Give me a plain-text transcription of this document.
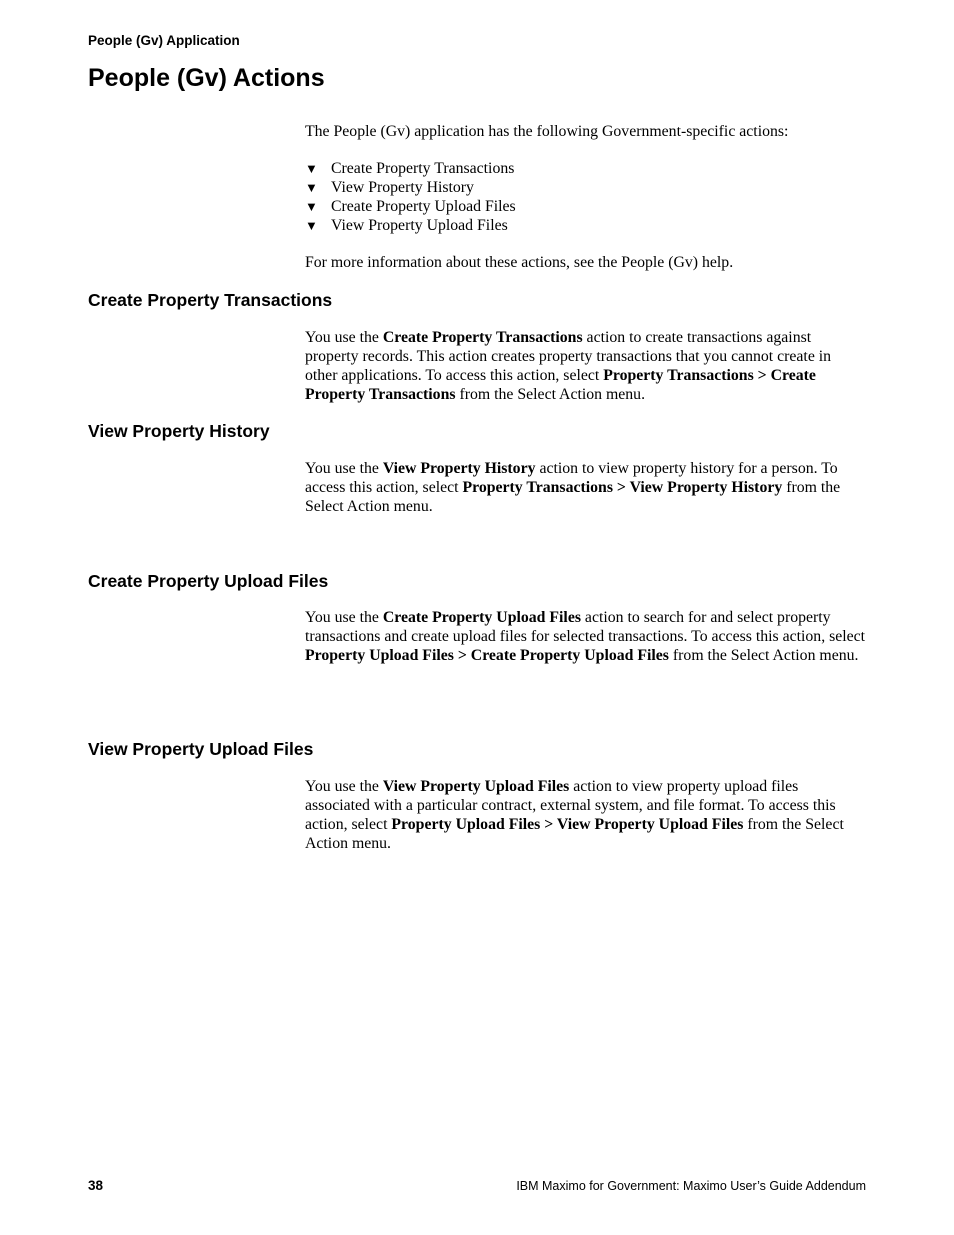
People (Gv) Application
People (Gv) Actions

The People (Gv) application has the following Government-specific actions:

▼ Create Property Transactions
▼ View Property History
▼ Create Property Upload Files
▼ View Property Upload Files

For more information about these actions, see the People (Gv) help.

Create Property Transactions

You use the Create Property Transactions action to create transactions against property records. This action creates property transactions that you cannot create in other applications. To access this action, select Property Transactions > Create Property Transactions from the Select Action menu.

View Property History

You use the View Property History action to view property history for a person. To access this action, select Property Transactions > View Property History from the Select Action menu.

Create Property Upload Files

You use the Create Property Upload Files action to search for and select property transactions and create upload files for selected transactions. To access this action, select Property Upload Files > Create Property Upload Files from the Select Action menu.

View Property Upload Files

You use the View Property Upload Files action to view property upload files associated with a particular contract, external system, and file format. To access this action, select Property Upload Files > View Property Upload Files from the Select Action menu.

38	IBM Maximo for Government: Maximo User’s Guide Addendum
